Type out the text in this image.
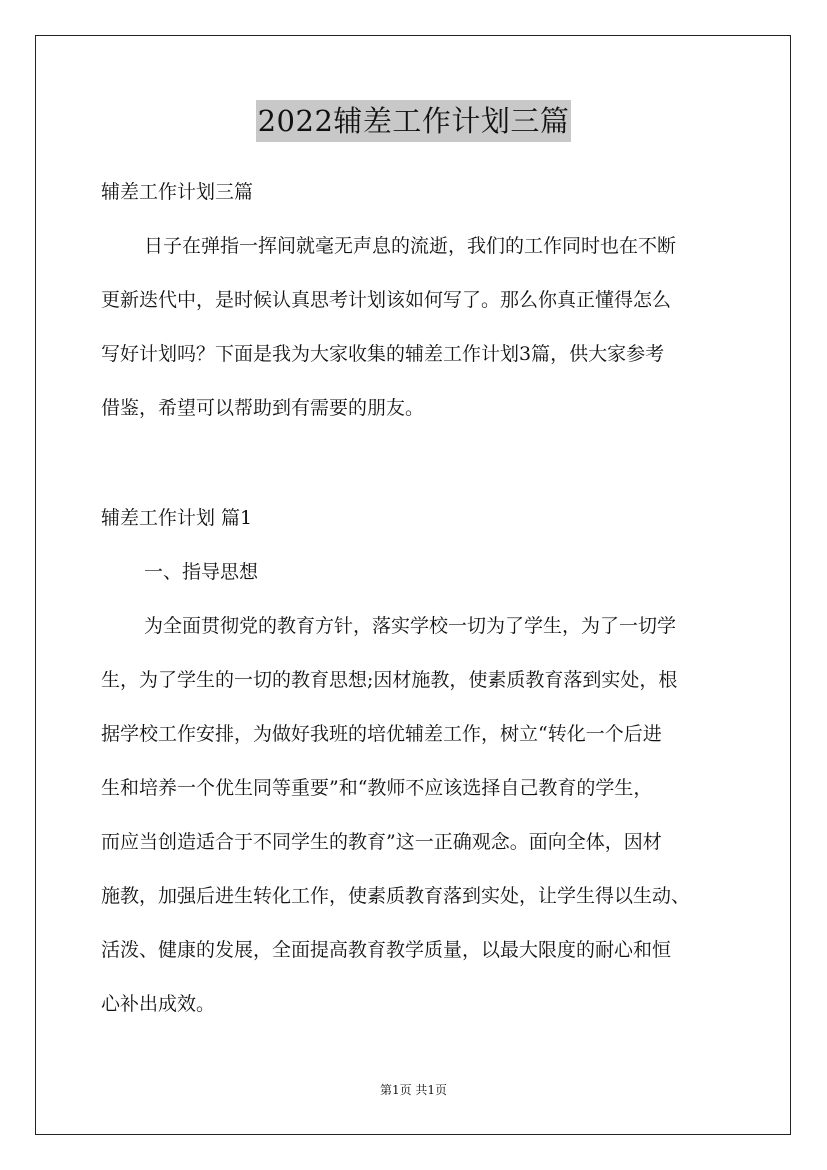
2022辅差工作计划三篇
辅差工作计划三篇
日子在弹指一挥间就毫无声息的流逝，我们的工作同时也在不断
更新迭代中，是时候认真思考计划该如何写了。那么你真正懂得怎么
写好计划吗？下面是我为大家收集的辅差工作计划3篇，供大家参考
借鉴，希望可以帮助到有需要的朋友。
辅差工作计划 篇1
一、指导思想
为全面贯彻党的教育方针，落实学校一切为了学生，为了一切学
生，为了学生的一切的教育思想;因材施教，使素质教育落到实处，根
据学校工作安排，为做好我班的培优辅差工作，树立“转化一个后进
生和培养一个优生同等重要”和“教师不应该选择自己教育的学生，
而应当创造适合于不同学生的教育”这一正确观念。面向全体，因材
施教，加强后进生转化工作，使素质教育落到实处，让学生得以生动、
活泼、健康的发展，全面提高教育教学质量，以最大限度的耐心和恒
心补出成效。
第1页 共1页
